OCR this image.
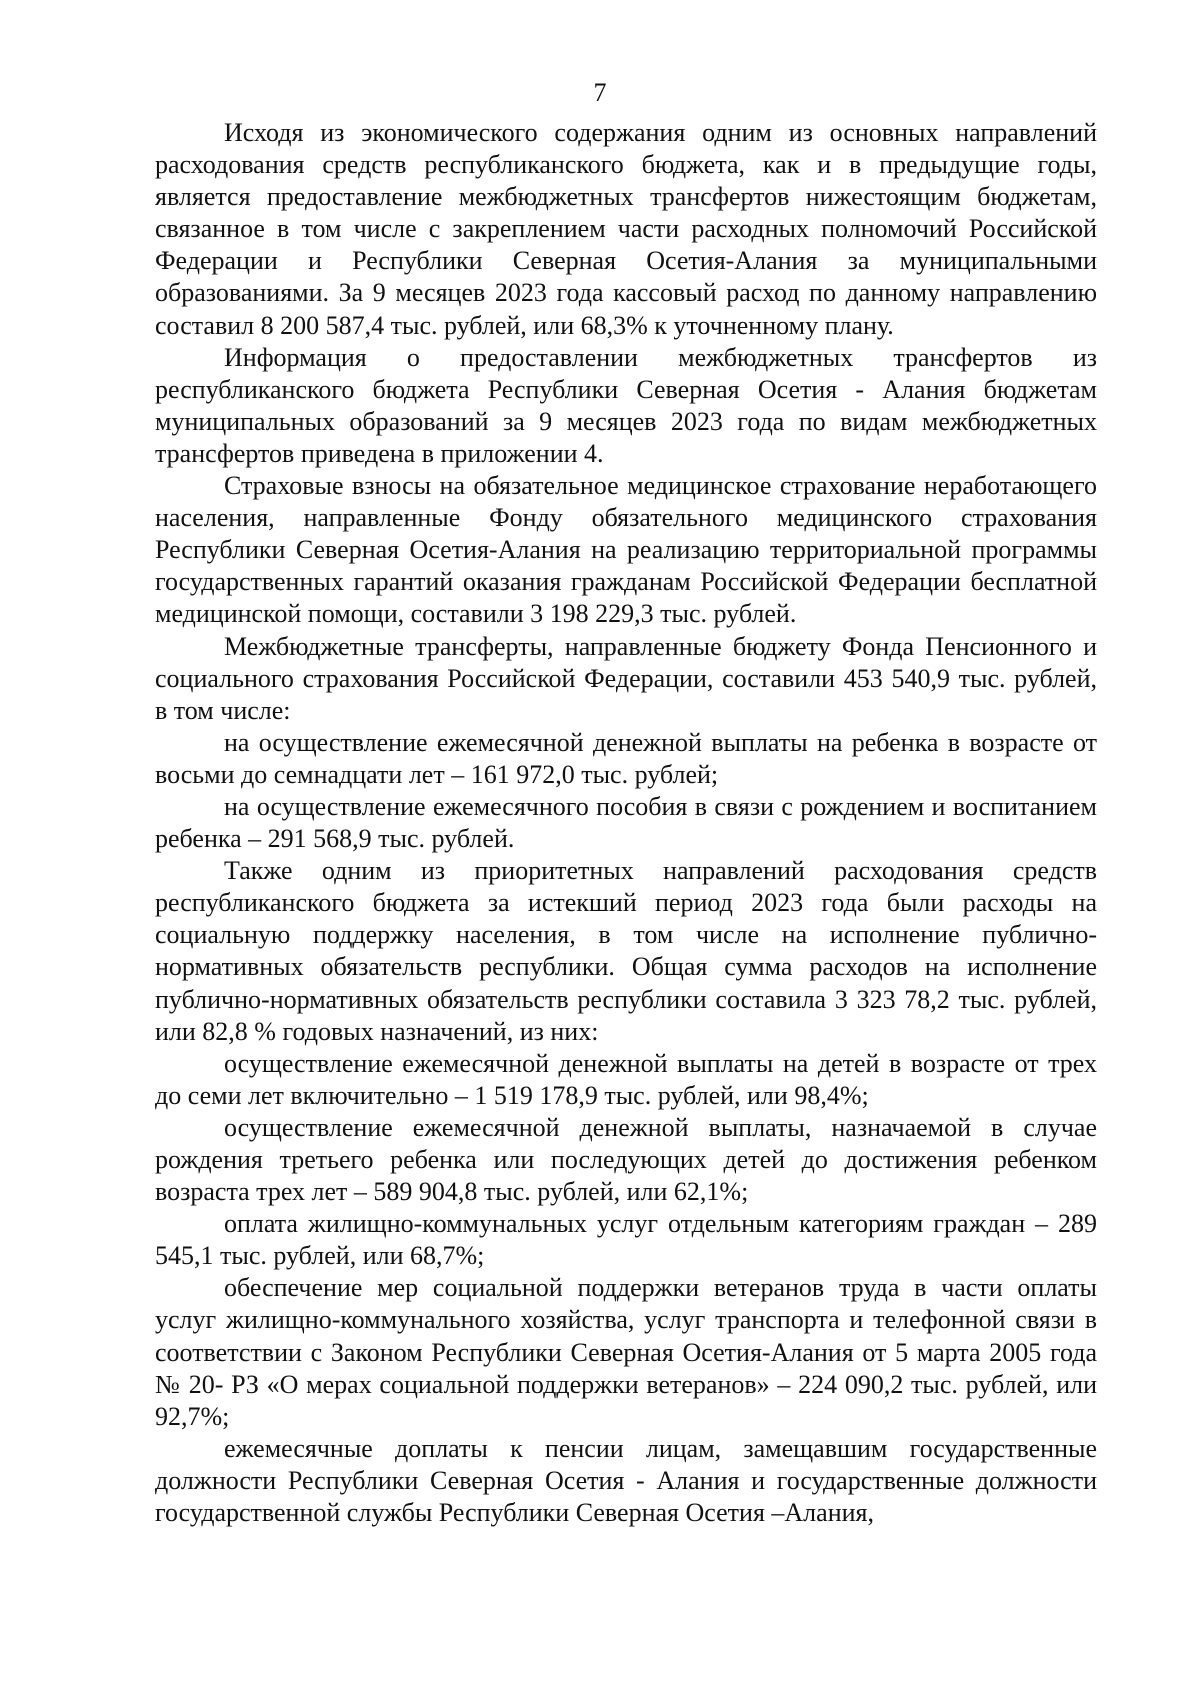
7

Исходя из экономического содержания одним из основных направлений расходования средств республиканского бюджета, как и в предыдущие годы, является предоставление межбюджетных трансфертов нижестоящим бюджетам, связанное в том числе с закреплением части расходных полномочий Российской Федерации и Республики Северная Осетия-Алания за муниципальными образованиями. За 9 месяцев 2023 года кассовый расход по данному направлению составил 8 200 587,4 тыс. рублей, или 68,3% к уточненному плану.

Информация о предоставлении межбюджетных трансфертов из республиканского бюджета Республики Северная Осетия - Алания бюджетам муниципальных образований за 9 месяцев 2023 года по видам межбюджетных трансфертов приведена в приложении 4.

Страховые взносы на обязательное медицинское страхование неработающего населения, направленные Фонду обязательного медицинского страхования Республики Северная Осетия-Алания на реализацию территориальной программы государственных гарантий оказания гражданам Российской Федерации бесплатной медицинской помощи, составили 3 198 229,3 тыс. рублей.

Межбюджетные трансферты, направленные бюджету Фонда Пенсионного и социального страхования Российской Федерации, составили 453 540,9 тыс. рублей, в том числе:

на осуществление ежемесячной денежной выплаты на ребенка в возрасте от восьми до семнадцати лет – 161 972,0 тыс. рублей;

на осуществление ежемесячного пособия в связи с рождением и воспитанием ребенка – 291 568,9 тыс. рублей.

Также одним из приоритетных направлений расходования средств республиканского бюджета за истекший период 2023 года были расходы на социальную поддержку населения, в том числе на исполнение публично-нормативных обязательств республики. Общая сумма расходов на исполнение публично-нормативных обязательств республики составила 3 323 78,2 тыс. рублей, или 82,8 % годовых назначений, из них:

осуществление ежемесячной денежной выплаты на детей в возрасте от трех до семи лет включительно – 1 519 178,9 тыс. рублей, или 98,4%;

осуществление ежемесячной денежной выплаты, назначаемой в случае рождения третьего ребенка или последующих детей до достижения ребенком возраста трех лет – 589 904,8 тыс. рублей, или 62,1%;

оплата жилищно-коммунальных услуг отдельным категориям граждан – 289 545,1 тыс. рублей, или 68,7%;

обеспечение мер социальной поддержки ветеранов труда в части оплаты услуг жилищно-коммунального хозяйства, услуг транспорта и телефонной связи в соответствии с Законом Республики Северная Осетия-Алания от 5 марта 2005 года № 20- РЗ «О мерах социальной поддержки ветеранов» – 224 090,2 тыс. рублей, или 92,7%;

ежемесячные доплаты к пенсии лицам, замещавшим государственные должности Республики Северная Осетия - Алания и государственные должности государственной службы Республики Северная Осетия –Алания,
